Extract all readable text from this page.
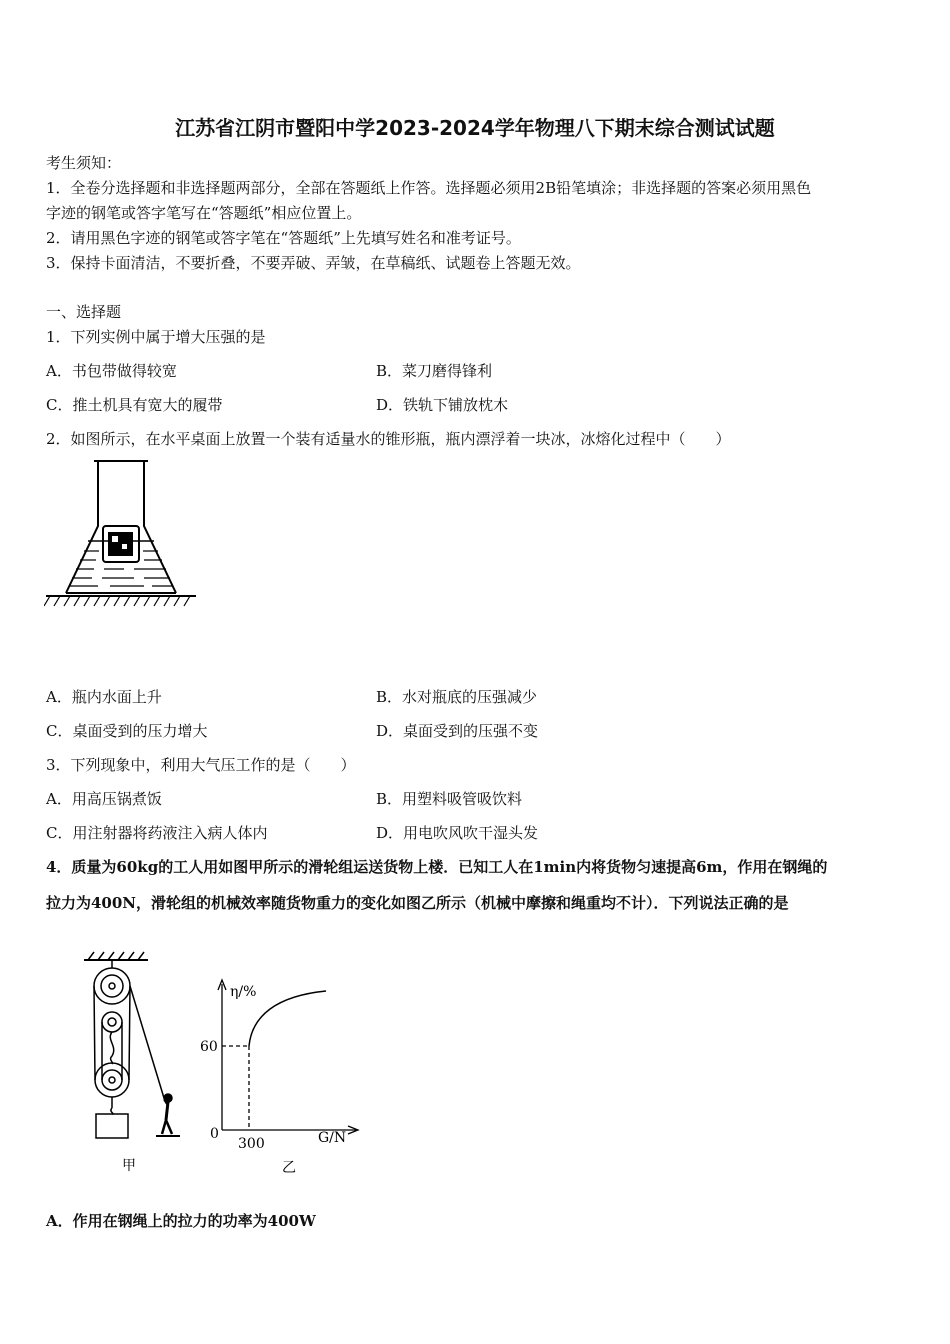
江苏省江阴市暨阳中学2023-2024学年物理八下期末综合测试试题
考生须知：
1．全卷分选择题和非选择题两部分，全部在答题纸上作答。选择题必须用2B铅笔填涂；非选择题的答案必须用黑色
字迹的钢笔或答字笔写在“答题纸”相应位置上。
2．请用黑色字迹的钢笔或答字笔在“答题纸”上先填写姓名和准考证号。
3．保持卡面清洁，不要折叠，不要弄破、弄皱，在草稿纸、试题卷上答题无效。
一、选择题
1．下列实例中属于增大压强的是
A．书包带做得较宽	B．菜刀磨得锋利
C．推土机具有宽大的履带	D．铁轨下铺放枕木
2．如图所示，在水平桌面上放置一个装有适量水的锥形瓶，瓶内漂浮着一块冰，冰熔化过程中（　　）
A．瓶内水面上升	B．水对瓶底的压强减少
C．桌面受到的压力增大	D．桌面受到的压强不变
3．下列现象中，利用大气压工作的是（　　）
A．用高压锅煮饭	B．用塑料吸管吸饮料
C．用注射器将药液注入病人体内	D．用电吹风吹干湿头发
4．质量为60kg的工人用如图甲所示的滑轮组运送货物上楼．已知工人在1min内将货物匀速提高6m，作用在钢绳的
拉力为400N，滑轮组的机械效率随货物重力的变化如图乙所示（机械中摩擦和绳重均不计）．下列说法正确的是
甲
η/%
G/N
0
60
300
乙
A．作用在钢绳上的拉力的功率为400W
